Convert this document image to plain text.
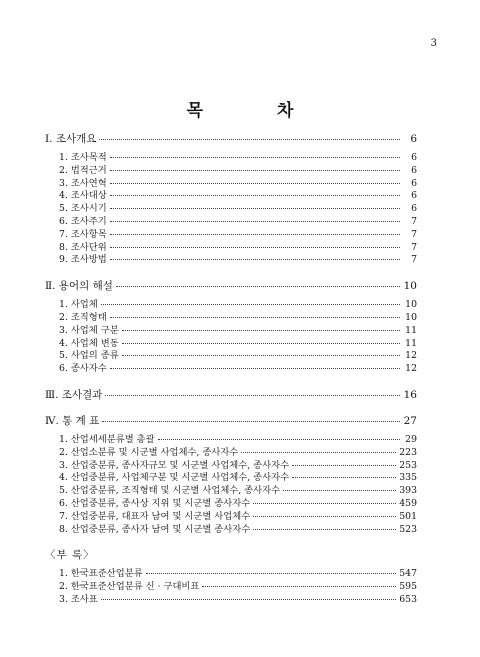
3
목 차
Ⅰ. 조사개요	6
1. 조사목적	6
2. 법적근거	6
3. 조사연혁	6
4. 조사대상	6
5. 조사시기	6
6. 조사주기	7
7. 조사항목	7
8. 조사단위	7
9. 조사방법	7
Ⅱ. 용어의 해설	10
1. 사업체	10
2. 조직형태	10
3. 사업체 구분	11
4. 사업체 변동	11
5. 사업의 종류	12
6. 종사자수	12
Ⅲ. 조사결과	16
Ⅳ. 통 계 표	27
1. 산업세세분류별 총괄	29
2. 산업소분류 및 시군별 사업체수, 종사자수	223
3. 산업중분류, 종사자규모 및 시군별 사업체수, 종사자수	253
4. 산업중분류, 사업체구분 및 시군별 사업체수, 종사자수	335
5. 산업중분류, 조직형태 및 시군별 사업체수, 종사자수	393
6. 산업중분류, 종사상 지위 및 시군별 종사자수	459
7. 산업중분류, 대표자 남여 및 시군별 사업체수	501
8. 산업중분류, 종사자 남여 및 시군별 종사자수	523
〈부 록〉
1. 한국표준산업분류	547
2. 한국표준산업분류 신 · 구대비표	595
3. 조사표	653
